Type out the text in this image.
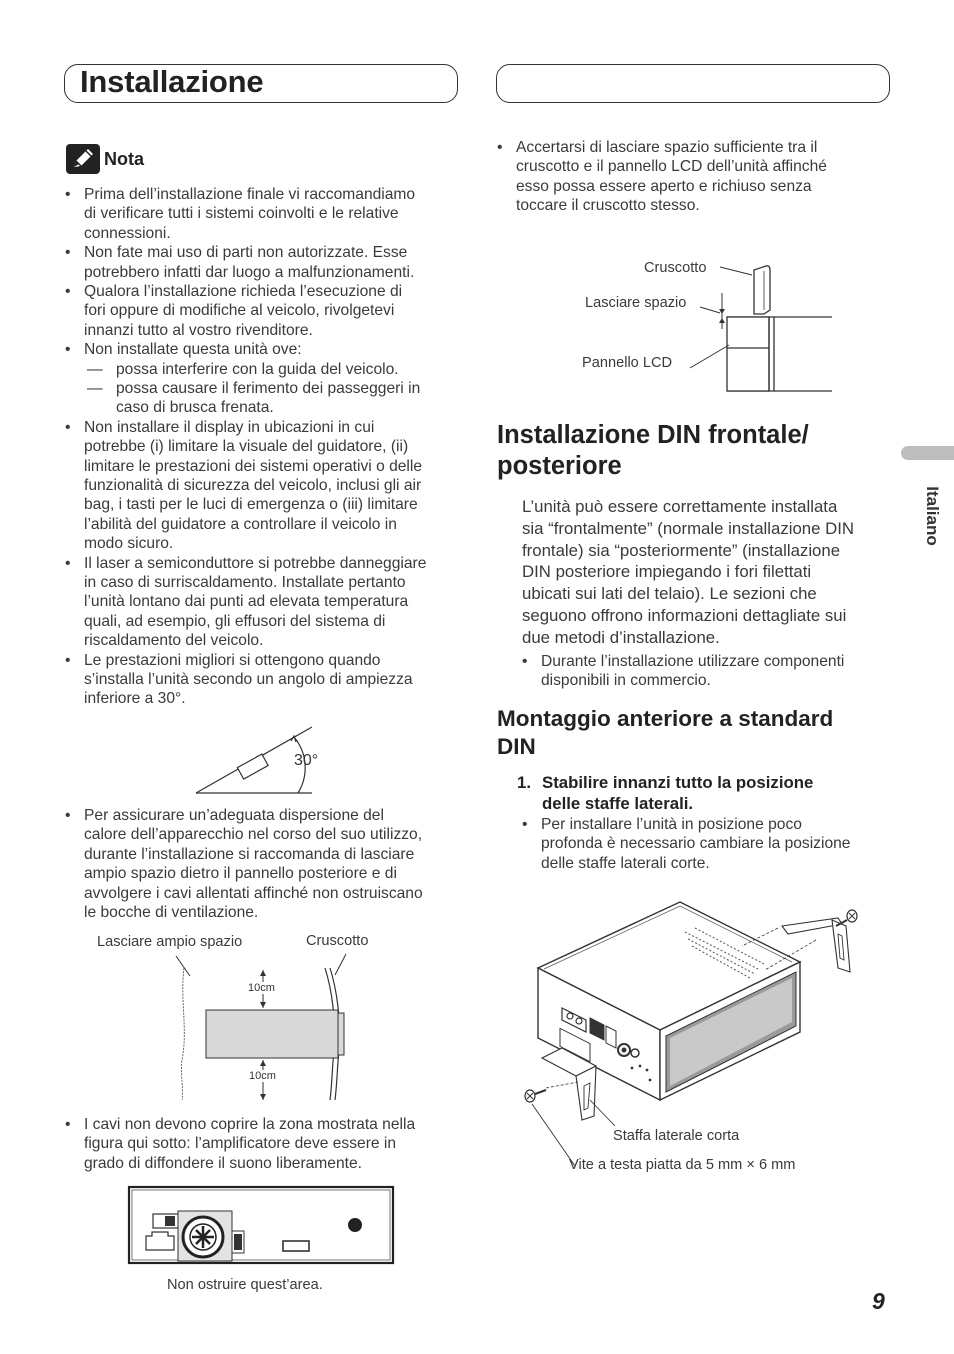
Installazione
Nota
• Prima dell’installazione finale vi raccomandiamo
di verificare tutti i sistemi coinvolti e le relative
connessioni.
• Non fate mai uso di parti non autorizzate. Esse
potrebbero infatti dar luogo a malfunzionamenti.
• Qualora l’installazione richieda l’esecuzione di
fori oppure di modifiche al veicolo, rivolgetevi
innanzi tutto al vostro rivenditore.
• Non installate questa unità ove:
— possa interferire con la guida del veicolo.
— possa causare il ferimento dei passeggeri in
caso di brusca frenata.
• Non installare il display in ubicazioni in cui
potrebbe (i) limitare la visuale del guidatore, (ii)
limitare le prestazioni dei sistemi operativi o delle
funzionalità di sicurezza del veicolo, inclusi gli air
bag, i tasti per le luci di emergenza o (iii) limitare
l’abilità del guidatore a controllare il veicolo in
modo sicuro.
• Il laser a semiconduttore si potrebbe danneggiare
in caso di surriscaldamento. Installate pertanto
l’unità lontano dai punti ad elevata temperatura
quali, ad esempio, gli effusori del sistema di
riscaldamento del veicolo.
• Le prestazioni migliori si ottengono quando
s’installa l’unità secondo un angolo di ampiezza
inferiore a 30°.
30°
• Per assicurare un’adeguata dispersione del
calore dell’apparecchio nel corso del suo utilizzo,
durante l’installazione si raccomanda di lasciare
ampio spazio dietro il pannello posteriore e di
avvolgere i cavi allentati affinché non ostruiscano
le bocche di ventilazione.
Lasciare ampio spazio	Cruscotto
10cm
10cm
• I cavi non devono coprire la zona mostrata nella
figura qui sotto: l’amplificatore deve essere in
grado di diffondere il suono liberamente.
Non ostruire quest’area.
• Accertarsi di lasciare spazio sufficiente tra il
cruscotto e il pannello LCD dell’unità affinché
esso possa essere aperto e richiuso senza
toccare il cruscotto stesso.
Cruscotto
Lasciare spazio
Pannello LCD
Installazione DIN frontale/
posteriore
L’unità può essere correttamente installata
sia “frontalmente” (normale installazione DIN
frontale) sia “posteriormente” (installazione
DIN posteriore impiegando i fori filettati
ubicati sui lati del telaio). Le sezioni che
seguono offrono informazioni dettagliate sui
due metodi d’installazione.
• Durante l’installazione utilizzare componenti
disponibili in commercio.
Montaggio anteriore a standard
DIN
1. Stabilire innanzi tutto la posizione
delle staffe laterali.
• Per installare l’unità in posizione poco
profonda è necessario cambiare la posizione
delle staffe laterali corte.
Staffa laterale corta
Vite a testa piatta da 5 mm × 6 mm
Italiano
9
